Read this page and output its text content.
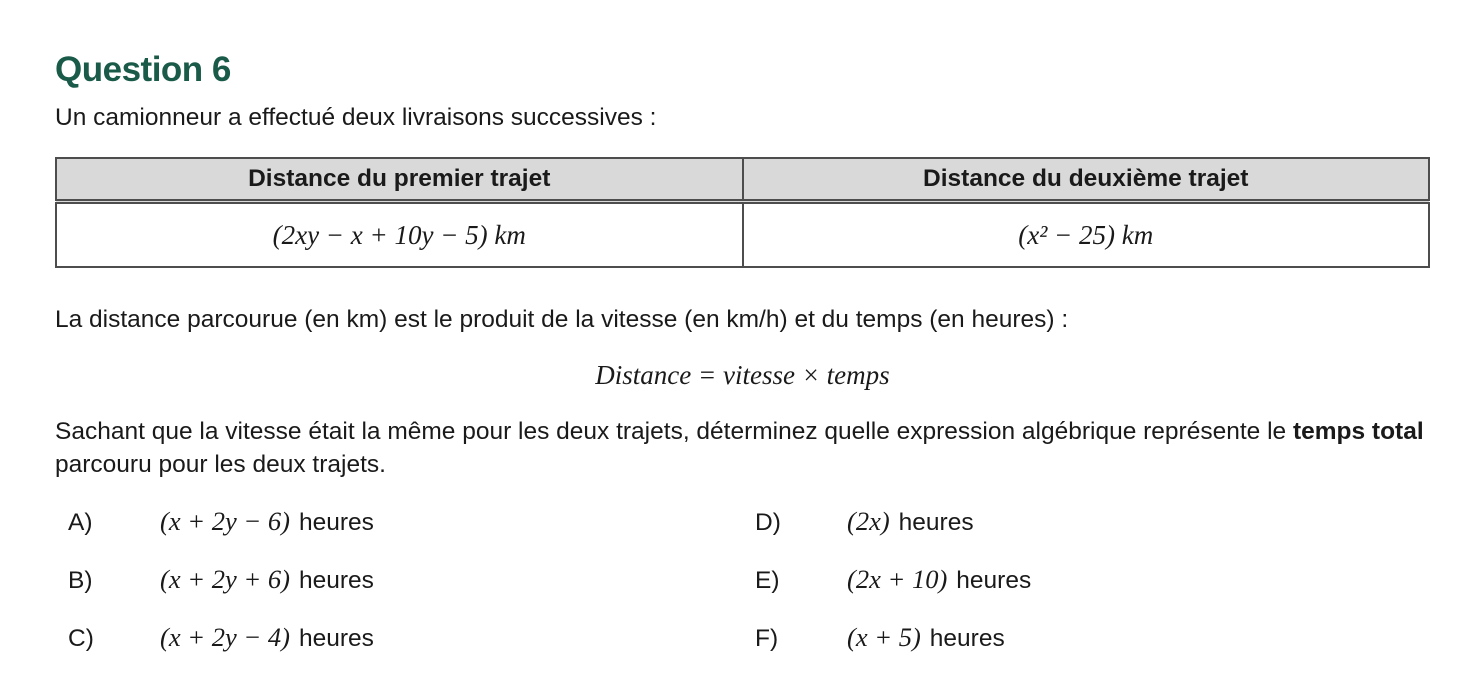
Question 6
Un camionneur a effectué deux livraisons successives :
Distance du premier trajet	Distance du deuxième trajet
(2xy − x + 10y − 5) km	(x² − 25) km
La distance parcourue (en km) est le produit de la vitesse (en km/h) et du temps (en heures) :
Distance = vitesse × temps
Sachant que la vitesse était la même pour les deux trajets, déterminez quelle expression algébrique représente le temps total parcouru pour les deux trajets.
A)	(x + 2y − 6) heures	D)	(2x) heures
B)	(x + 2y + 6) heures	E)	(2x + 10) heures
C)	(x + 2y − 4) heures	F)	(x + 5) heures
